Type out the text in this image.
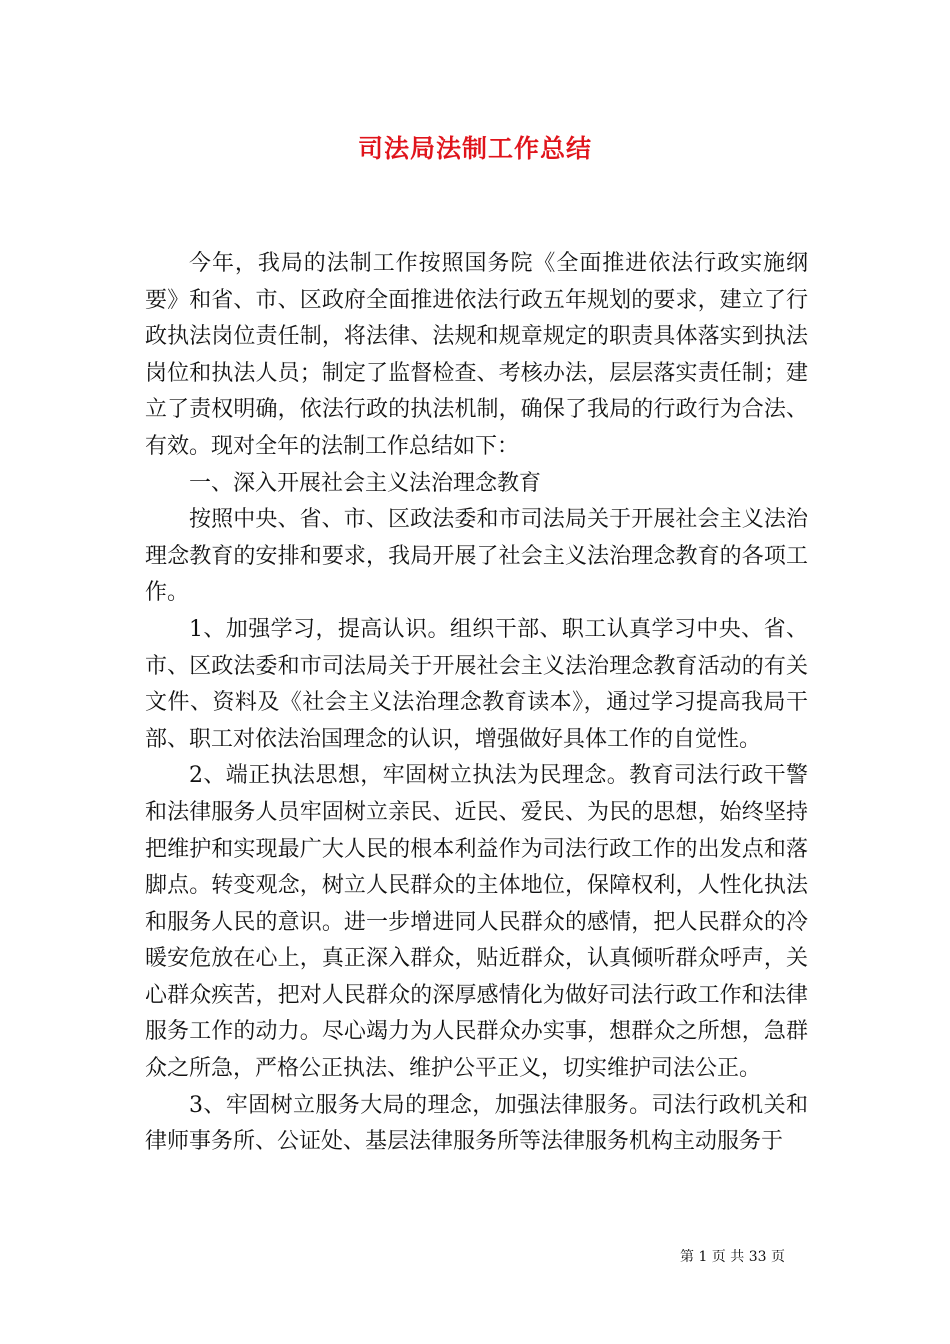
司法局法制工作总结

今年，我局的法制工作按照国务院《全面推进依法行政实施纲要》和省、市、区政府全面推进依法行政五年规划的要求，建立了行政执法岗位责任制，将法律、法规和规章规定的职责具体落实到执法岗位和执法人员；制定了监督检查、考核办法，层层落实责任制；建立了责权明确，依法行政的执法机制，确保了我局的行政行为合法、有效。现对全年的法制工作总结如下：

一、深入开展社会主义法治理念教育

按照中央、省、市、区政法委和市司法局关于开展社会主义法治理念教育的安排和要求，我局开展了社会主义法治理念教育的各项工作。

1、加强学习，提高认识。组织干部、职工认真学习中央、省、市、区政法委和市司法局关于开展社会主义法治理念教育活动的有关文件、资料及《社会主义法治理念教育读本》，通过学习提高我局干部、职工对依法治国理念的认识，增强做好具体工作的自觉性。

2、端正执法思想，牢固树立执法为民理念。教育司法行政干警和法律服务人员牢固树立亲民、近民、爱民、为民的思想，始终坚持把维护和实现最广大人民的根本利益作为司法行政工作的出发点和落脚点。转变观念，树立人民群众的主体地位，保障权利，人性化执法和服务人民的意识。进一步增进同人民群众的感情，把人民群众的冷暖安危放在心上，真正深入群众，贴近群众，认真倾听群众呼声，关心群众疾苦，把对人民群众的深厚感情化为做好司法行政工作和法律服务工作的动力。尽心竭力为人民群众办实事，想群众之所想，急群众之所急，严格公正执法、维护公平正义，切实维护司法公正。

3、牢固树立服务大局的理念，加强法律服务。司法行政机关和律师事务所、公证处、基层法律服务所等法律服务机构主动服务于

第 1 页 共 33 页
